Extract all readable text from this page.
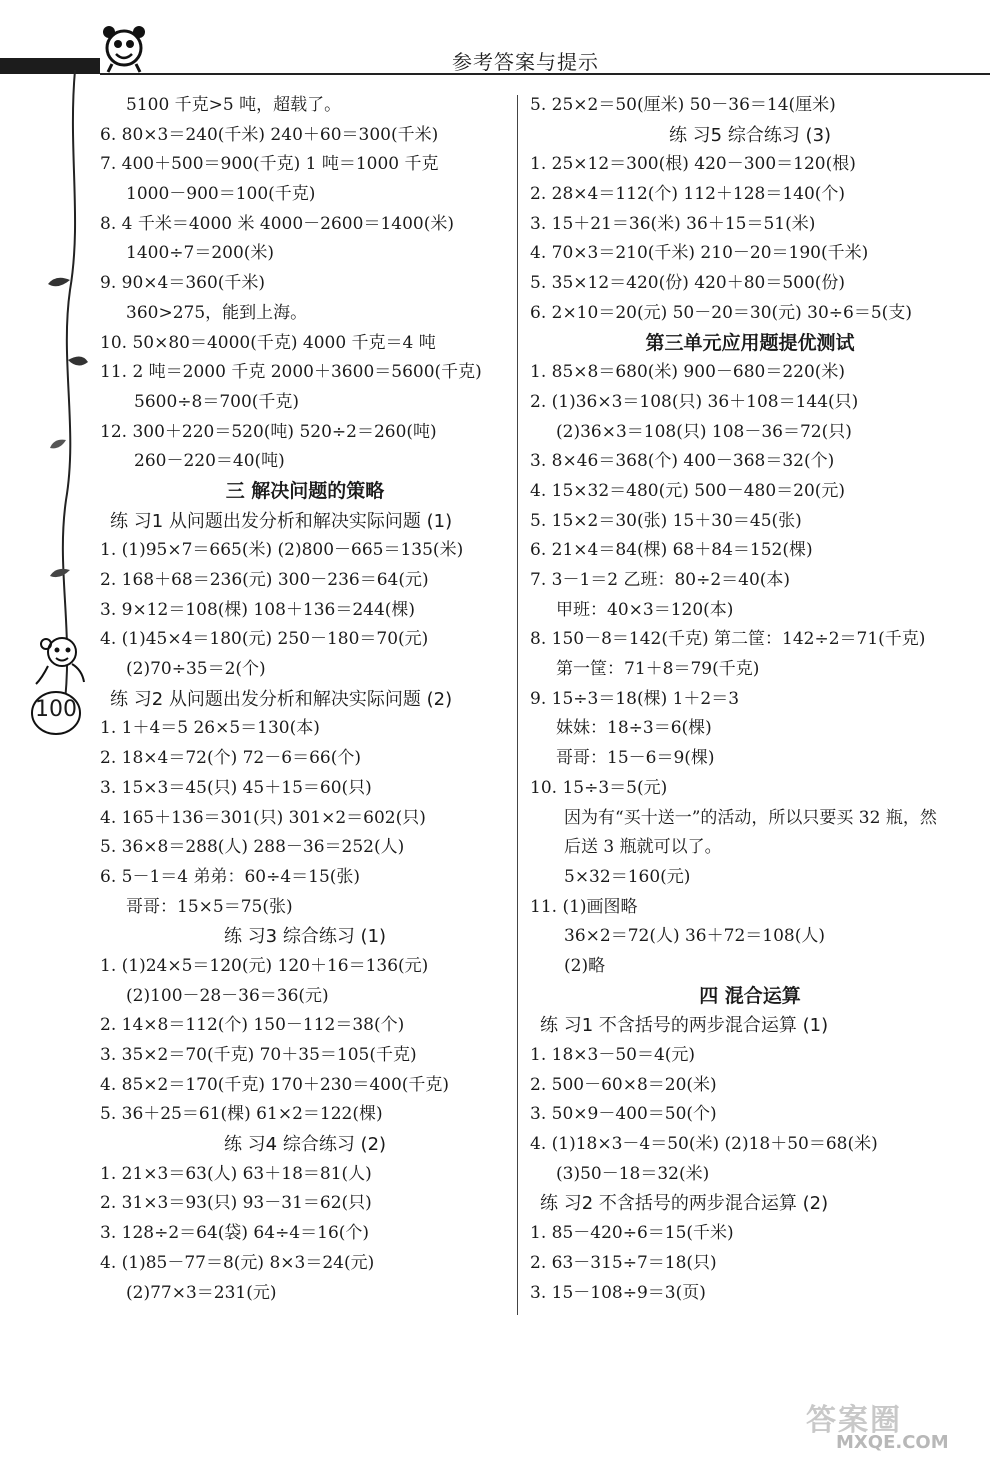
参考答案与提示
100
5100 千克>5 吨，超载了。
6. 80×3＝240(千米) 240＋60＝300(千米)
7. 400＋500＝900(千克) 1 吨＝1000 千克
1000－900＝100(千克)
8. 4 千米＝4000 米 4000－2600＝1400(米)
1400÷7＝200(米)
9. 90×4＝360(千米)
360>275，能到上海。
10. 50×80＝4000(千克) 4000 千克＝4 吨
11. 2 吨＝2000 千克 2000＋3600＝5600(千克)
5600÷8＝700(千克)
12. 300＋220＝520(吨) 520÷2＝260(吨)
260－220＝40(吨)
三 解决问题的策略
练 习1 从问题出发分析和解决实际问题 (1)
1. (1)95×7＝665(米) (2)800－665＝135(米)
2. 168＋68＝236(元) 300－236＝64(元)
3. 9×12＝108(棵) 108＋136＝244(棵)
4. (1)45×4＝180(元) 250－180＝70(元)
(2)70÷35＝2(个)
练 习2 从问题出发分析和解决实际问题 (2)
1. 1＋4＝5 26×5＝130(本)
2. 18×4＝72(个) 72－6＝66(个)
3. 15×3＝45(只) 45＋15＝60(只)
4. 165＋136＝301(只) 301×2＝602(只)
5. 36×8＝288(人) 288－36＝252(人)
6. 5－1＝4 弟弟：60÷4＝15(张)
哥哥：15×5＝75(张)
练 习3 综合练习 (1)
1. (1)24×5＝120(元) 120＋16＝136(元)
(2)100－28－36＝36(元)
2. 14×8＝112(个) 150－112＝38(个)
3. 35×2＝70(千克) 70＋35＝105(千克)
4. 85×2＝170(千克) 170＋230＝400(千克)
5. 36＋25＝61(棵) 61×2＝122(棵)
练 习4 综合练习 (2)
1. 21×3＝63(人) 63＋18＝81(人)
2. 31×3＝93(只) 93－31＝62(只)
3. 128÷2＝64(袋) 64÷4＝16(个)
4. (1)85－77＝8(元) 8×3＝24(元)
(2)77×3＝231(元)
5. 25×2＝50(厘米) 50－36＝14(厘米)
练 习5 综合练习 (3)
1. 25×12＝300(根) 420－300＝120(根)
2. 28×4＝112(个) 112＋128＝140(个)
3. 15＋21＝36(米) 36＋15＝51(米)
4. 70×3＝210(千米) 210－20＝190(千米)
5. 35×12＝420(份) 420＋80＝500(份)
6. 2×10＝20(元) 50－20＝30(元) 30÷6＝5(支)
第三单元应用题提优测试
1. 85×8＝680(米) 900－680＝220(米)
2. (1)36×3＝108(只) 36＋108＝144(只)
(2)36×3＝108(只) 108－36＝72(只)
3. 8×46＝368(个) 400－368＝32(个)
4. 15×32＝480(元) 500－480＝20(元)
5. 15×2＝30(张) 15＋30＝45(张)
6. 21×4＝84(棵) 68＋84＝152(棵)
7. 3－1＝2 乙班：80÷2＝40(本)
甲班：40×3＝120(本)
8. 150－8＝142(千克) 第二筐：142÷2＝71(千克)
第一筐：71＋8＝79(千克)
9. 15÷3＝18(棵) 1＋2＝3
妹妹：18÷3＝6(棵)
哥哥：15－6＝9(棵)
10. 15÷3＝5(元)
因为有“买十送一”的活动，所以只要买 32 瓶，然
后送 3 瓶就可以了。
5×32＝160(元)
11. (1)画图略
36×2＝72(人) 36＋72＝108(人)
(2)略
四 混合运算
练 习1 不含括号的两步混合运算 (1)
1. 18×3－50＝4(元)
2. 500－60×8＝20(米)
3. 50×9－400＝50(个)
4. (1)18×3－4＝50(米) (2)18＋50＝68(米)
(3)50－18＝32(米)
练 习2 不含括号的两步混合运算 (2)
1. 85－420÷6＝15(千米)
2. 63－315÷7＝18(只)
3. 15－108÷9＝3(页)
答案圈
MXQE.COM
